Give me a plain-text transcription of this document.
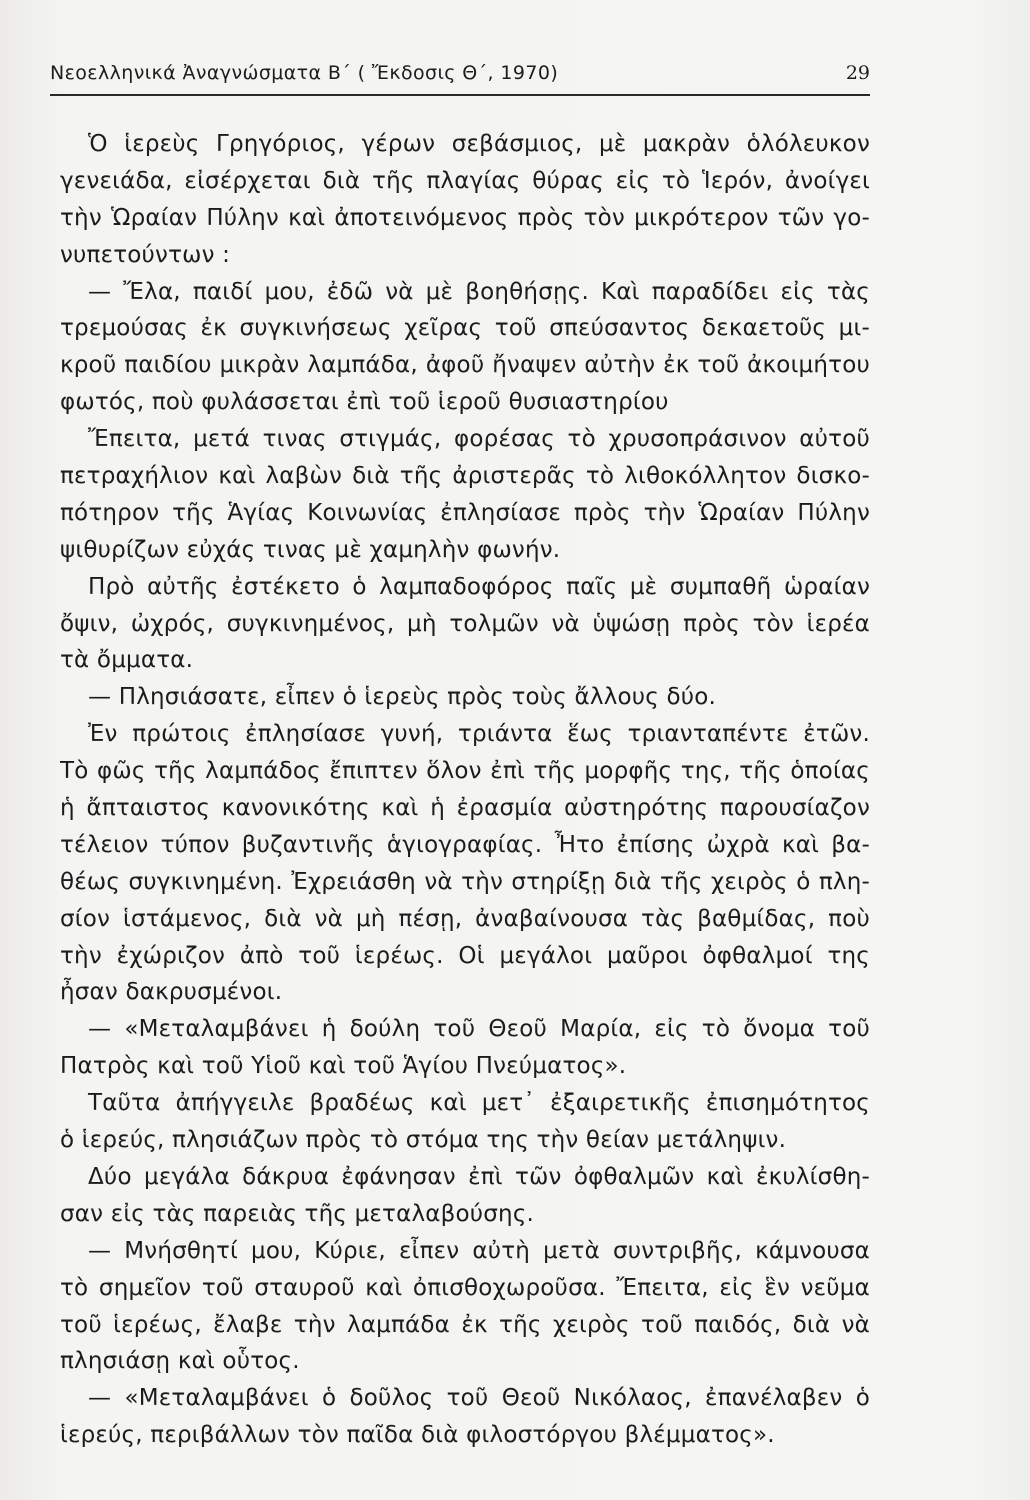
Νεοελληνικά Ἀναγνώσματα Β΄ ( Ἔκδοσις Θ΄, 1970)	29
Ὁ ἱερεὺς Γρηγόριος, γέρων σεβάσμιος, μὲ μακρὰν ὁλόλευκον
γενειάδα, εἰσέρχεται διὰ τῆς πλαγίας θύρας εἰς τὸ Ἱερόν, ἀνοίγει
τὴν Ὡραίαν Πύλην καὶ ἀποτεινόμενος πρὸς τὸν μικρότερον τῶν γο-
νυπετούντων :
— Ἔλα, παιδί μου, ἐδῶ νὰ μὲ βοηθήσῃς. Καὶ παραδίδει εἰς τὰς
τρεμούσας ἐκ συγκινήσεως χεῖρας τοῦ σπεύσαντος δεκαετοῦς μι-
κροῦ παιδίου μικρὰν λαμπάδα, ἀφοῦ ἤναψεν αὐτὴν ἐκ τοῦ ἀκοιμήτου
φωτός, ποὺ φυλάσσεται ἐπὶ τοῦ ἱεροῦ θυσιαστηρίου
Ἔπειτα, μετά τινας στιγμάς, φορέσας τὸ χρυσοπράσινον αὐτοῦ
πετραχήλιον καὶ λαβὼν διὰ τῆς ἀριστερᾶς τὸ λιθοκόλλητον δισκο-
πότηρον τῆς Ἁγίας Κοινωνίας ἐπλησίασε πρὸς τὴν Ὡραίαν Πύλην
ψιθυρίζων εὐχάς τινας μὲ χαμηλὴν φωνήν.
Πρὸ αὐτῆς ἐστέκετο ὁ λαμπαδοφόρος παῖς μὲ συμπαθῆ ὡραίαν
ὄψιν, ὠχρός, συγκινημένος, μὴ τολμῶν νὰ ὑψώσῃ πρὸς τὸν ἱερέα
τὰ ὄμματα.
— Πλησιάσατε, εἶπεν ὁ ἱερεὺς πρὸς τοὺς ἄλλους δύο.
Ἐν πρώτοις ἐπλησίασε γυνή, τριάντα ἕως τριανταπέντε ἐτῶν.
Τὸ φῶς τῆς λαμπάδος ἔπιπτεν ὅλον ἐπὶ τῆς μορφῆς της, τῆς ὁποίας
ἡ ἄπταιστος κανονικότης καὶ ἡ ἐρασμία αὐστηρότης παρουσίαζον
τέλειον τύπον βυζαντινῆς ἁγιογραφίας. Ἦτο ἐπίσης ὠχρὰ καὶ βα-
θέως συγκινημένη. Ἐχρειάσθη νὰ τὴν στηρίξῃ διὰ τῆς χειρὸς ὁ πλη-
σίον ἱστάμενος, διὰ νὰ μὴ πέσῃ, ἀναβαίνουσα τὰς βαθμίδας, ποὺ
τὴν ἐχώριζον ἀπὸ τοῦ ἱερέως. Οἱ μεγάλοι μαῦροι ὀφθαλμοί της
ἦσαν δακρυσμένοι.
— «Μεταλαμβάνει ἡ δούλη τοῦ Θεοῦ Μαρία, εἰς τὸ ὄνομα τοῦ
Πατρὸς καὶ τοῦ Υἱοῦ καὶ τοῦ Ἁγίου Πνεύματος».
Ταῦτα ἀπήγγειλε βραδέως καὶ μετ᾽ ἐξαιρετικῆς ἐπισημότητος
ὁ ἱερεύς, πλησιάζων πρὸς τὸ στόμα της τὴν θείαν μετάληψιν.
Δύο μεγάλα δάκρυα ἐφάνησαν ἐπὶ τῶν ὀφθαλμῶν καὶ ἐκυλίσθη-
σαν εἰς τὰς παρειὰς τῆς μεταλαβούσης.
— Μνήσθητί μου, Κύριε, εἶπεν αὐτὴ μετὰ συντριβῆς, κάμνουσα
τὸ σημεῖον τοῦ σταυροῦ καὶ ὀπισθοχωροῦσα. Ἔπειτα, εἰς ἓν νεῦμα
τοῦ ἱερέως, ἔλαβε τὴν λαμπάδα ἐκ τῆς χειρὸς τοῦ παιδός, διὰ νὰ
πλησιάσῃ καὶ οὗτος.
— «Μεταλαμβάνει ὁ δοῦλος τοῦ Θεοῦ Νικόλαος, ἐπανέλαβεν ὁ
ἱερεύς, περιβάλλων τὸν παῖδα διὰ φιλοστόργου βλέμματος».
